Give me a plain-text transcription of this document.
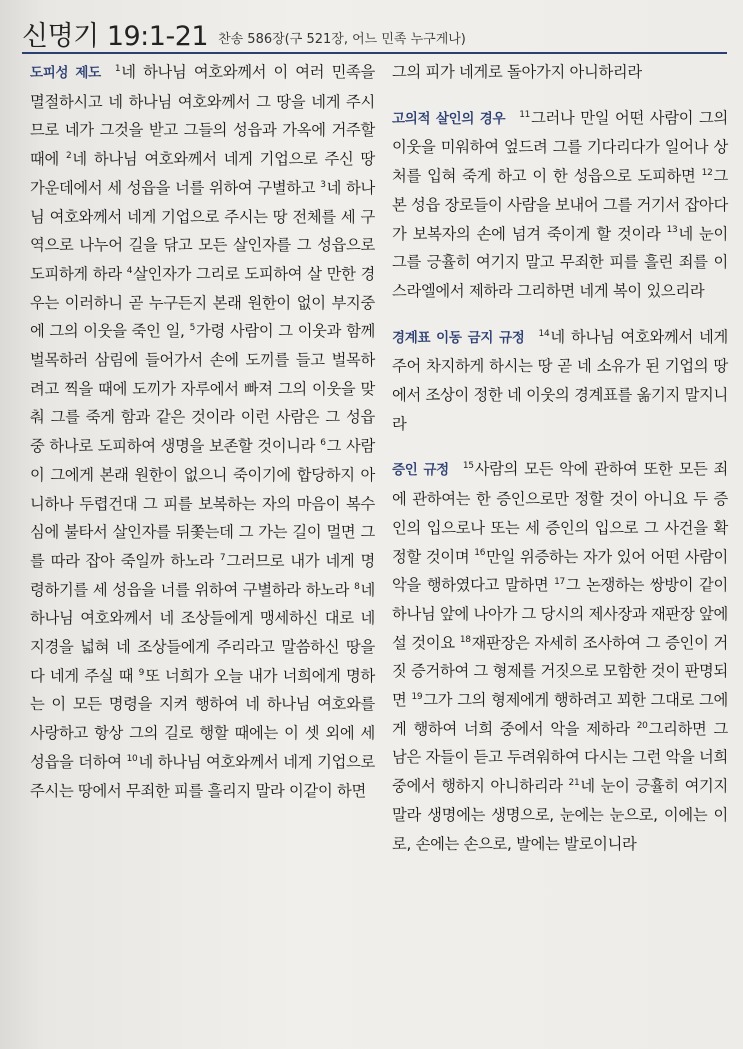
신명기 19:1-21 찬송 586장(구 521장, 어느 민족 누구게나)

도피성 제도 $^1$네 하나님 여호와께서 이 여러 민족을 멸절하시고 네 하나님 여호와께서 그 땅을 네게 주시므로 네가 그것을 받고 그들의 성읍과 가옥에 거주할 때에 $^2$네 하나님 여호와께서 네게 기업으로 주신 땅 가운데에서 세 성읍을 너를 위하여 구별하고 $^3$네 하나님 여호와께서 네게 기업으로 주시는 땅 전체를 세 구역으로 나누어 길을 닦고 모든 살인자를 그 성읍으로 도피하게 하라 $^4$살인자가 그리로 도피하여 살 만한 경우는 이러하니 곧 누구든지 본래 원한이 없이 부지중에 그의 이웃을 죽인 일, $^5$가령 사람이 그 이웃과 함께 벌목하러 삼림에 들어가서 손에 도끼를 들고 벌목하려고 찍을 때에 도끼가 자루에서 빠져 그의 이웃을 맞춰 그를 죽게 함과 같은 것이라 이런 사람은 그 성읍 중 하나로 도피하여 생명을 보존할 것이니라 $^6$그 사람이 그에게 본래 원한이 없으니 죽이기에 합당하지 아니하나 두렵건대 그 피를 보복하는 자의 마음이 복수심에 불타서 살인자를 뒤쫓는데 그 가는 길이 멀면 그를 따라 잡아 죽일까 하노라 $^7$그러므로 내가 네게 명령하기를 세 성읍을 너를 위하여 구별하라 하노라 $^8$네 하나님 여호와께서 네 조상들에게 맹세하신 대로 네 지경을 넓혀 네 조상들에게 주리라고 말씀하신 땅을 다 네게 주실 때 $^9$또 너희가 오늘 내가 너희에게 명하는 이 모든 명령을 지켜 행하여 네 하나님 여호와를 사랑하고 항상 그의 길로 행할 때에는 이 셋 외에 세 성읍을 더하여 $^{10}$네 하나님 여호와께서 네게 기업으로 주시는 땅에서 무죄한 피를 흘리지 말라 이같이 하면

그의 피가 네게로 돌아가지 아니하리라

고의적 살인의 경우 $^{11}$그러나 만일 어떤 사람이 그의 이웃을 미워하여 엎드려 그를 기다리다가 일어나 상처를 입혀 죽게 하고 이 한 성읍으로 도피하면 $^{12}$그 본 성읍 장로들이 사람을 보내어 그를 거기서 잡아다가 보복자의 손에 넘겨 죽이게 할 것이라 $^{13}$네 눈이 그를 긍휼히 여기지 말고 무죄한 피를 흘린 죄를 이스라엘에서 제하라 그리하면 네게 복이 있으리라

경계표 이동 금지 규정 $^{14}$네 하나님 여호와께서 네게 주어 차지하게 하시는 땅 곧 네 소유가 된 기업의 땅에서 조상이 정한 네 이웃의 경계표를 옮기지 말지니라

증인 규정 $^{15}$사람의 모든 악에 관하여 또한 모든 죄에 관하여는 한 증인으로만 정할 것이 아니요 두 증인의 입으로나 또는 세 증인의 입으로 그 사건을 확정할 것이며 $^{16}$만일 위증하는 자가 있어 어떤 사람이 악을 행하였다고 말하면 $^{17}$그 논쟁하는 쌍방이 같이 하나님 앞에 나아가 그 당시의 제사장과 재판장 앞에 설 것이요 $^{18}$재판장은 자세히 조사하여 그 증인이 거짓 증거하여 그 형제를 거짓으로 모함한 것이 판명되면 $^{19}$그가 그의 형제에게 행하려고 꾀한 그대로 그에게 행하여 너희 중에서 악을 제하라 $^{20}$그리하면 그 남은 자들이 듣고 두려워하여 다시는 그런 악을 너희 중에서 행하지 아니하리라 $^{21}$네 눈이 긍휼히 여기지 말라 생명에는 생명으로, 눈에는 눈으로, 이에는 이로, 손에는 손으로, 발에는 발로이니라
